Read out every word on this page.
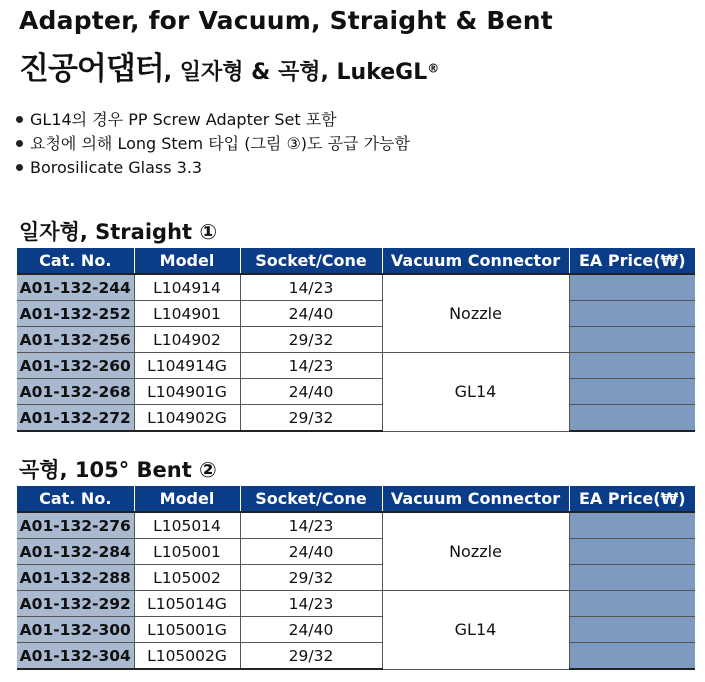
Adapter, for Vacuum, Straight & Bent
진공어댑터, 일자형 & 곡형, LukeGL®
GL14의 경우 PP Screw Adapter Set 포함
요청에 의해 Long Stem 타입 (그림 ③)도 공급 가능함
Borosilicate Glass 3.3
일자형, Straight ①
Cat. No.	Model	Socket/Cone	Vacuum Connector	EA Price(₩)
A01-132-244	L104914	14/23	Nozzle	
A01-132-252	L104901	24/40		
A01-132-256	L104902	29/32		
A01-132-260	L104914G	14/23	GL14	
A01-132-268	L104901G	24/40		
A01-132-272	L104902G	29/32		
곡형, 105° Bent ②
Cat. No.	Model	Socket/Cone	Vacuum Connector	EA Price(₩)
A01-132-276	L105014	14/23	Nozzle	
A01-132-284	L105001	24/40		
A01-132-288	L105002	29/32		
A01-132-292	L105014G	14/23	GL14	
A01-132-300	L105001G	24/40		
A01-132-304	L105002G	29/32		
